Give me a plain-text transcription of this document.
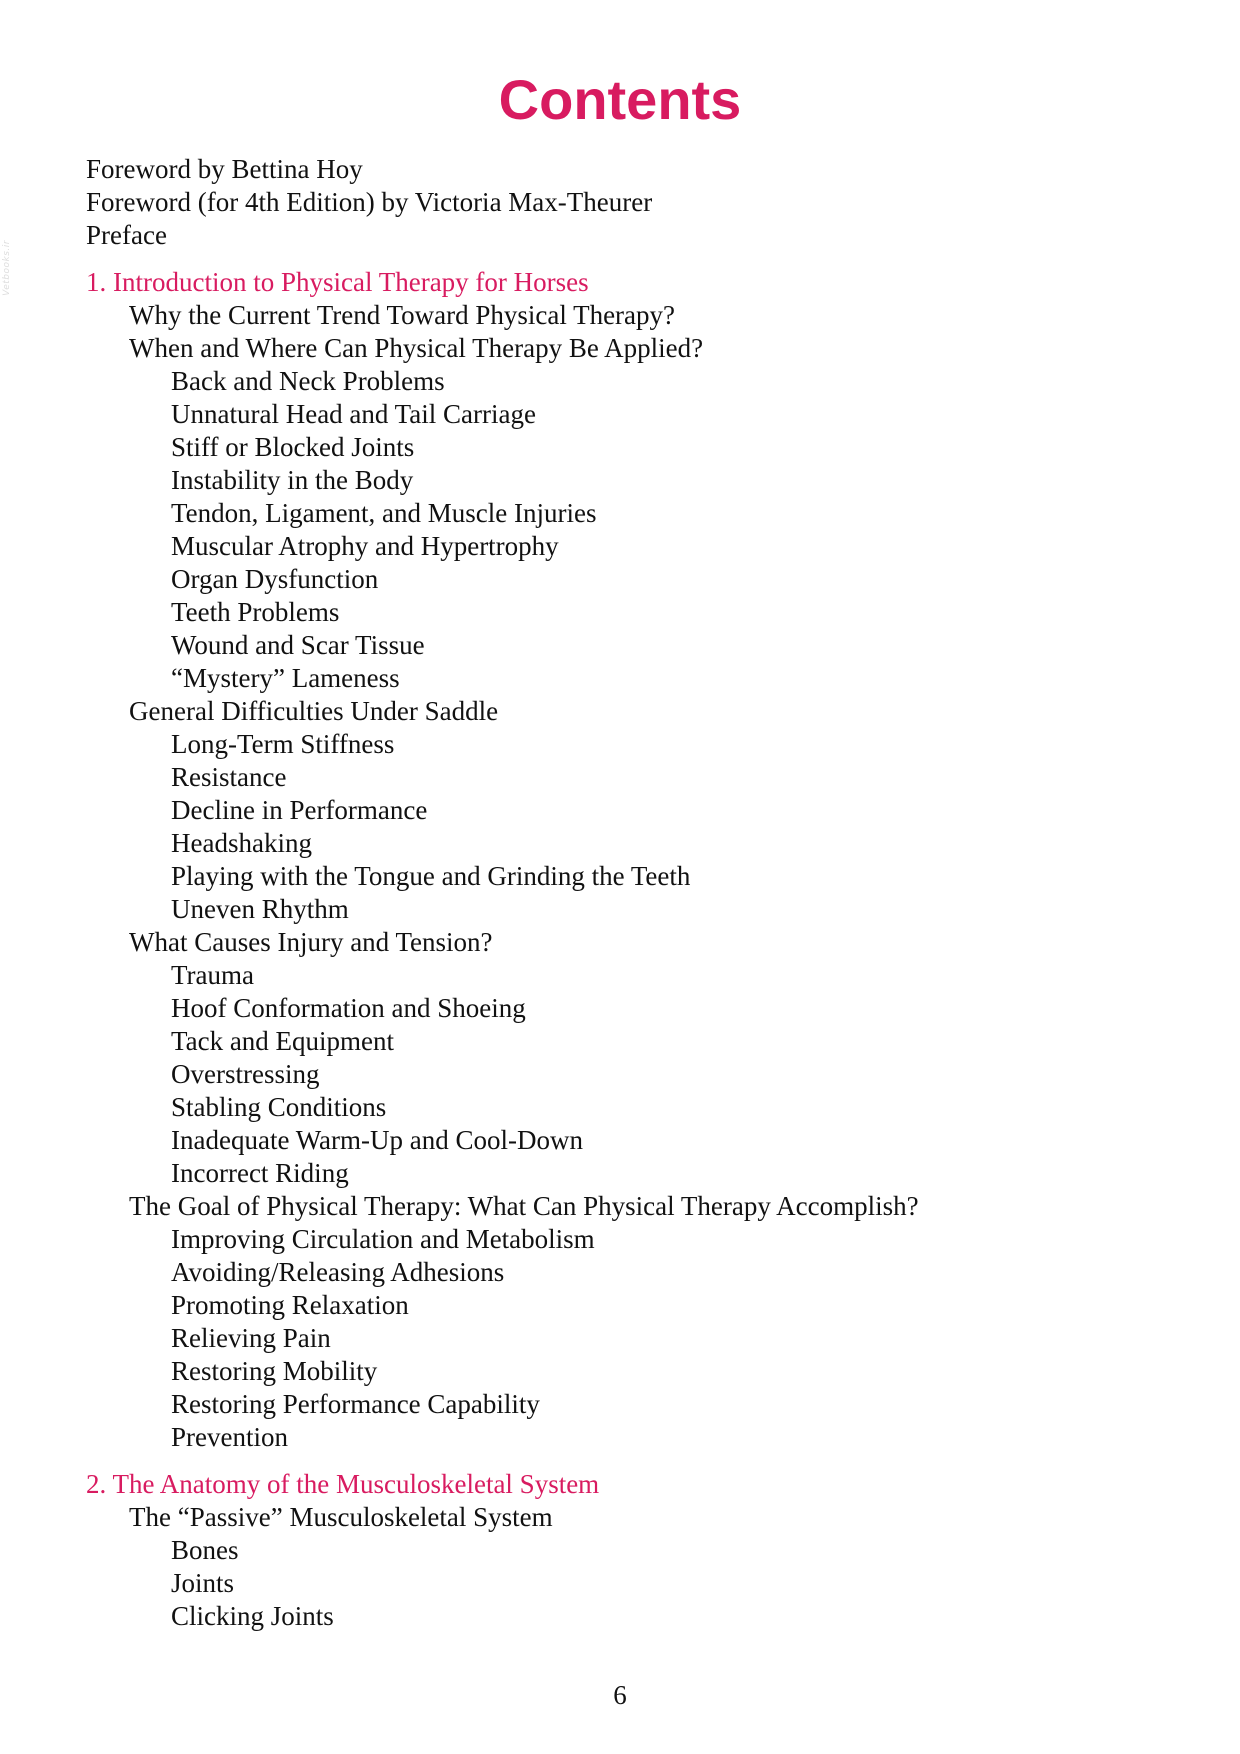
Vetbooks.ir
Contents
Foreword by Bettina Hoy
Foreword (for 4th Edition) by Victoria Max-Theurer
Preface
1. Introduction to Physical Therapy for Horses
Why the Current Trend Toward Physical Therapy?
When and Where Can Physical Therapy Be Applied?
Back and Neck Problems
Unnatural Head and Tail Carriage
Stiff or Blocked Joints
Instability in the Body
Tendon, Ligament, and Muscle Injuries
Muscular Atrophy and Hypertrophy
Organ Dysfunction
Teeth Problems
Wound and Scar Tissue
“Mystery” Lameness
General Difficulties Under Saddle
Long-Term Stiffness
Resistance
Decline in Performance
Headshaking
Playing with the Tongue and Grinding the Teeth
Uneven Rhythm
What Causes Injury and Tension?
Trauma
Hoof Conformation and Shoeing
Tack and Equipment
Overstressing
Stabling Conditions
Inadequate Warm-Up and Cool-Down
Incorrect Riding
The Goal of Physical Therapy: What Can Physical Therapy Accomplish?
Improving Circulation and Metabolism
Avoiding/Releasing Adhesions
Promoting Relaxation
Relieving Pain
Restoring Mobility
Restoring Performance Capability
Prevention
2. The Anatomy of the Musculoskeletal System
The “Passive” Musculoskeletal System
Bones
Joints
Clicking Joints
6
